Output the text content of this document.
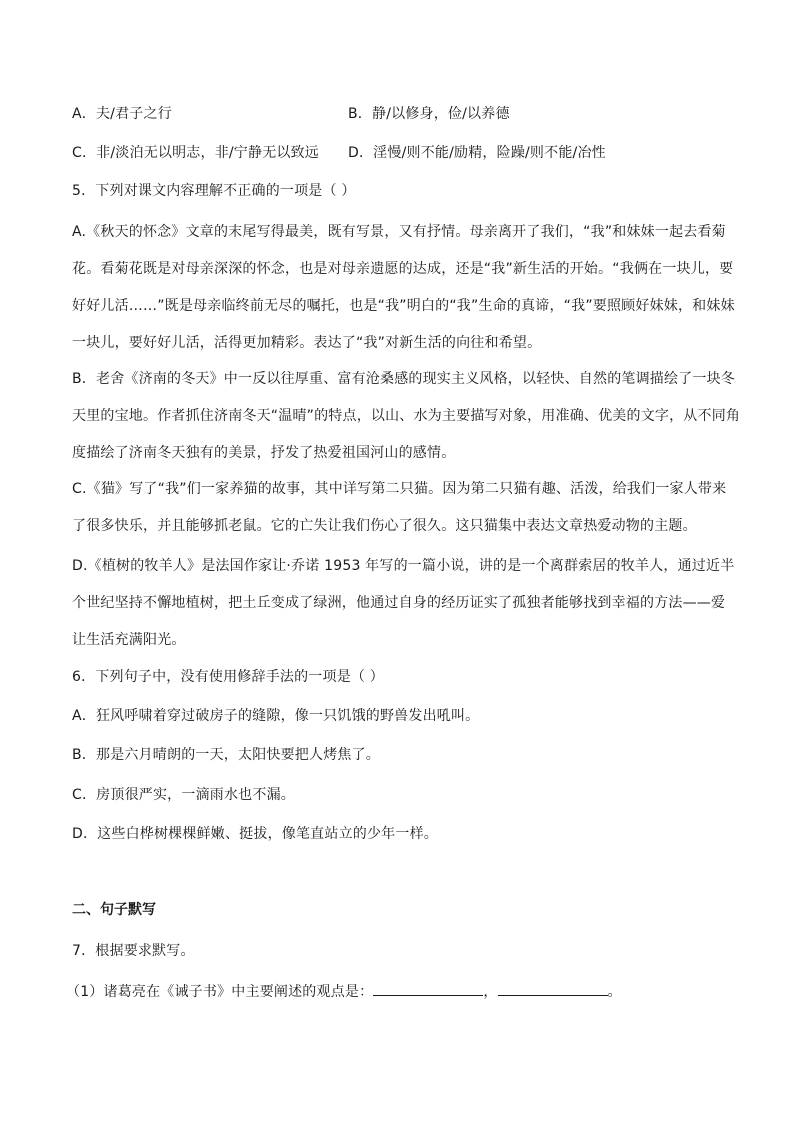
A．夫/君子之行	B．静/以修身，俭/以养德
C．非/淡泊无以明志，非/宁静无以致远	D．淫慢/则不能/励精，险躁/则不能/冶性
5．下列对课文内容理解不正确的一项是（ ）
A.《秋天的怀念》文章的末尾写得最美，既有写景，又有抒情。母亲离开了我们，“我”和妹妹一起去看菊
花。看菊花既是对母亲深深的怀念，也是对母亲遗愿的达成，还是“我”新生活的开始。“我俩在一块儿，要
好好儿活……”既是母亲临终前无尽的嘱托，也是“我”明白的“我”生命的真谛，“我”要照顾好妹妹，和妹妹
一块儿，要好好儿活，活得更加精彩。表达了“我”对新生活的向往和希望。
B．老舍《济南的冬天》中一反以往厚重、富有沧桑感的现实主义风格，以轻快、自然的笔调描绘了一块冬
天里的宝地。作者抓住济南冬天“温晴”的特点，以山、水为主要描写对象，用准确、优美的文字，从不同角
度描绘了济南冬天独有的美景，抒发了热爱祖国河山的感情。
C.《猫》写了“我”们一家养猫的故事，其中详写第二只猫。因为第二只猫有趣、活泼，给我们一家人带来
了很多快乐，并且能够抓老鼠。它的亡失让我们伤心了很久。这只猫集中表达文章热爱动物的主题。
D.《植树的牧羊人》是法国作家让·乔诺 1953 年写的一篇小说，讲的是一个离群索居的牧羊人，通过近半
个世纪坚持不懈地植树，把土丘变成了绿洲，他通过自身的经历证实了孤独者能够找到幸福的方法——爱
让生活充满阳光。
6．下列句子中，没有使用修辞手法的一项是（ ）
A．狂风呼啸着穿过破房子的缝隙，像一只饥饿的野兽发出吼叫。
B．那是六月晴朗的一天，太阳快要把人烤焦了。
C．房顶很严实，一滴雨水也不漏。
D．这些白桦树棵棵鲜嫩、挺拔，像笔直站立的少年一样。
二、句子默写
7．根据要求默写。
（1）诸葛亮在《诫子书》中主要阐述的观点是：	，	。
